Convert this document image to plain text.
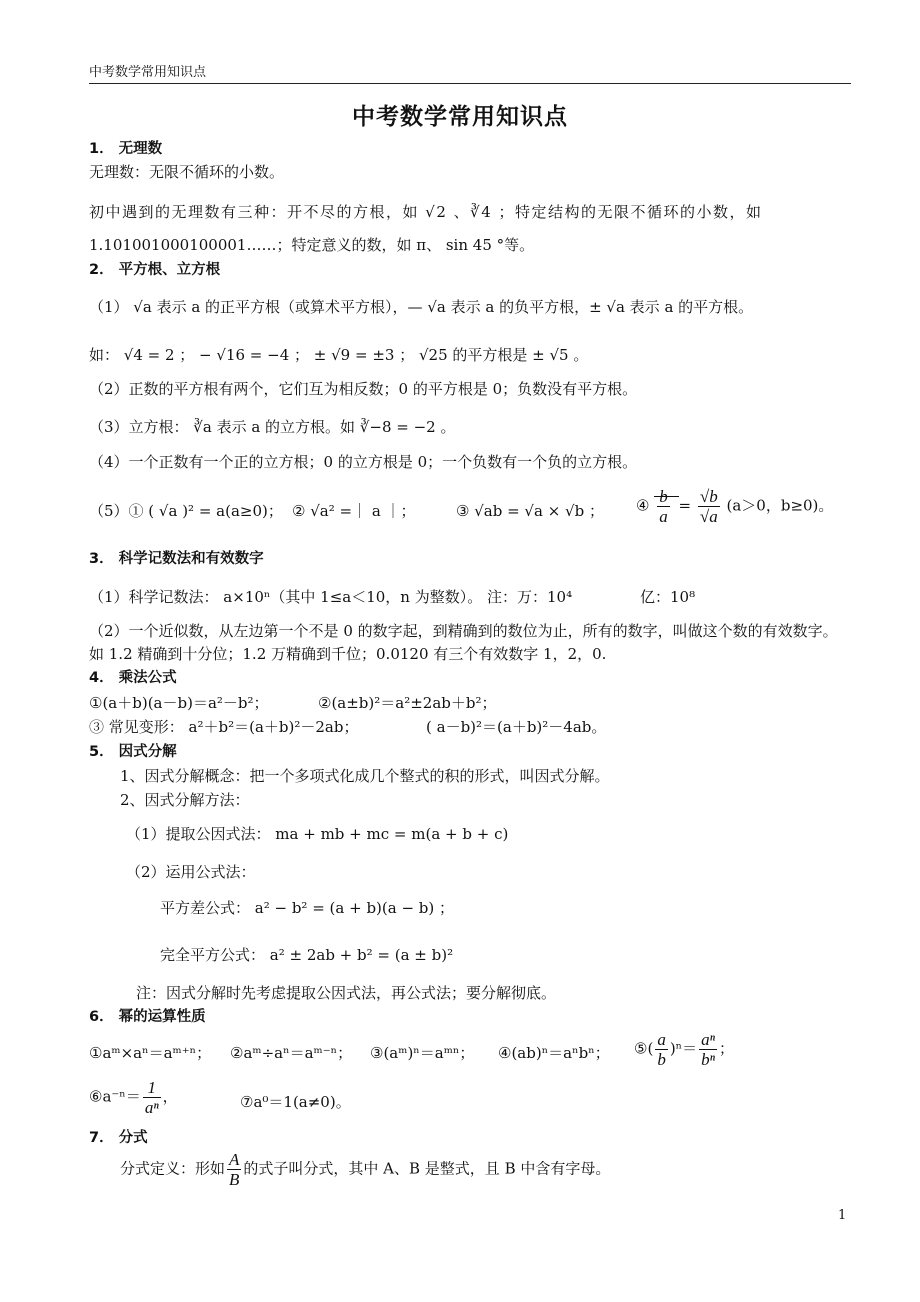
中考数学常用知识点
中考数学常用知识点
1． 无理数
无理数：无限不循环的小数。
初中遇到的无理数有三种：开不尽的方根，如 √2 、∛4 ；特定结构的无限不循环的小数，如
1.101001000100001……；特定意义的数，如 π、 sin 45 °等。
2． 平方根、立方根
（1） √a 表示 a 的正平方根（或算术平方根），— √a 表示 a 的负平方根，± √a 表示 a 的平方根。
如： √4 = 2 ； − √16 = −4 ； ± √9 = ±3 ； √25 的平方根是 ± √5 。
（2）正数的平方根有两个，它们互为相反数；0 的平方根是 0；负数没有平方根。
（3）立方根： ∛a 表示 a 的立方根。如 ∛−8 = −2 。
（4）一个正数有一个正的立方根；0 的立方根是 0；一个负数有一个负的立方根。
（5）① ( √a )² = a(a≥0)； ② √a² =｜ a ｜；	③ √ab = √a × √b ； ④ $\frac{b}{a} = \frac{√b}{√a} (a>0$，b≥0)。
3． 科学记数法和有效数字
（1）科学记数法： a×10ⁿ（其中 1≤a＜10，n 为整数）。 注：万：10⁴	亿：10⁸
（2）一个近似数，从左边第一个不是 0 的数字起，到精确到的数位为止，所有的数字，叫做这个数的有效数字。如 1.2 精确到十分位；1.2 万精确到千位；0.0120 有三个有效数字 1，2，0.
4． 乘法公式
①(a＋b)(a－b)＝a²－b²；	②(a±b)²＝a²±2ab＋b²；
③ 常见变形： a²＋b²＝(a＋b)²－2ab；	( a－b)²＝(a＋b)²－4ab。
5． 因式分解
1、因式分解概念：把一个多项式化成几个整式的积的形式，叫因式分解。
2、因式分解方法：
（1）提取公因式法： ma + mb + mc = m(a + b + c)
（2）运用公式法：
平方差公式： a² − b² = (a + b)(a − b) ；
完全平方公式： a² ± 2ab + b² = (a ± b)²
注：因式分解时先考虑提取公因式法，再公式法；要分解彻底。
6． 幂的运算性质
①aᵐ×aⁿ＝aᵐ⁺ⁿ； ②aᵐ÷aⁿ＝aᵐ⁻ⁿ； ③(aᵐ)ⁿ＝aᵐⁿ； ④(ab)ⁿ＝aⁿbⁿ； ⑤( $\frac{a}{b} )^n= \frac{\text{aⁿ}}{\text{bⁿ}}$ ；
⑥a⁻ⁿ＝ $\frac{1}{\text{aⁿ}}$ ，	⑦a⁰＝1(a≠0)。
7． 分式
分式定义：形如 $\frac{A}{B}$ 的式子叫分式，其中 A、B 是整式，且 B 中含有字母。
1
